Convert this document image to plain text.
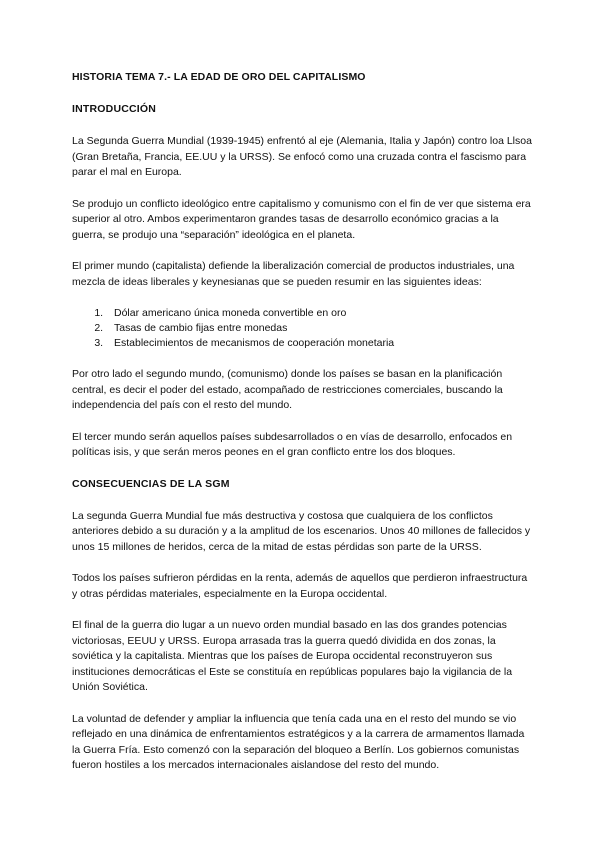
HISTORIA TEMA 7.- LA EDAD DE ORO DEL CAPITALISMO
INTRODUCCIÓN

La Segunda Guerra Mundial (1939-1945) enfrentó al eje (Alemania, Italia y Japón) contro loa Llsoa (Gran Bretaña, Francia, EE.UU y la URSS). Se enfocó como una cruzada contra el fascismo para parar el mal en Europa.

Se produjo un conflicto ideológico entre capitalismo y comunismo con el fin de ver que sistema era superior al otro. Ambos experimentaron grandes tasas de desarrollo económico gracias a la guerra, se produjo una “separación” ideológica en el planeta.

El primer mundo (capitalista) defiende la liberalización comercial de productos industriales, una mezcla de ideas liberales y keynesianas que se pueden resumir en las siguientes ideas:

1. Dólar americano única moneda convertible en oro
2. Tasas de cambio fijas entre monedas
3. Establecimientos de mecanismos de cooperación monetaria

Por otro lado el segundo mundo, (comunismo) donde los países se basan en la planificación central, es decir el poder del estado, acompañado de restricciones comerciales, buscando la independencia del país con el resto del mundo.

El tercer mundo serán aquellos países subdesarrollados o en vías de desarrollo, enfocados en políticas isis, y que serán meros peones en el gran conflicto entre los dos bloques.

CONSECUENCIAS DE LA SGM

La segunda Guerra Mundial fue más destructiva y costosa que cualquiera de los conflictos anteriores debido a su duración y a la amplitud de los escenarios. Unos 40 millones de fallecidos y unos 15 millones de heridos, cerca de la mitad de estas pérdidas son parte de la URSS.

Todos los países sufrieron pérdidas en la renta, además de aquellos que perdieron infraestructura y otras pérdidas materiales, especialmente en la Europa occidental.

El final de la guerra dio lugar a un nuevo orden mundial basado en las dos grandes potencias victoriosas, EEUU y URSS. Europa arrasada tras la guerra quedó dividida en dos zonas, la soviética y la capitalista. Mientras que los países de Europa occidental reconstruyeron sus instituciones democráticas el Este se constituía en repúblicas populares bajo la vigilancia de la Unión Soviética.

La voluntad de defender y ampliar la influencia que tenía cada una en el resto del mundo se vio reflejado en una dinámica de enfrentamientos estratégicos y a la carrera de armamentos llamada la Guerra Fría. Esto comenzó con la separación del bloqueo a Berlín. Los gobiernos comunistas fueron hostiles a los mercados internacionales aislandose del resto del mundo.
